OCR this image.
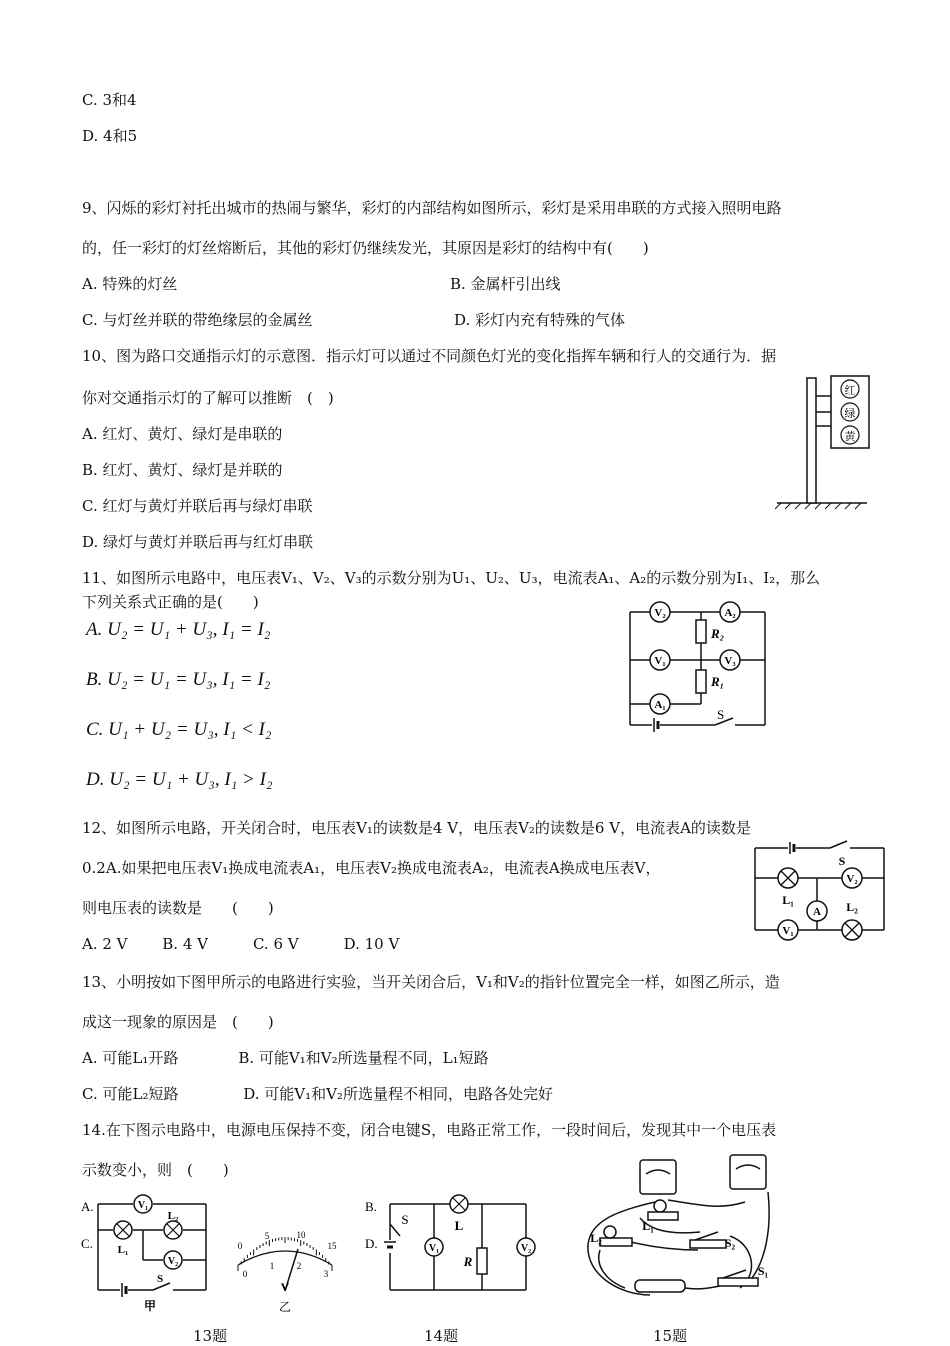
C. 3和4
D. 4和5
9、闪烁的彩灯衬托出城市的热闹与繁华，彩灯的内部结构如图所示，彩灯是采用串联的方式接入照明电路
的，任一彩灯的灯丝熔断后，其他的彩灯仍继续发光，其原因是彩灯的结构中有(　　)
A. 特殊的灯丝	B. 金属杆引出线
C. 与灯丝并联的带绝缘层的金属丝	D. 彩灯内充有特殊的气体
10、图为路口交通指示灯的示意图．指示灯可以通过不同颜色灯光的变化指挥车辆和行人的交通行为．据
你对交通指示灯的了解可以推断　(　)
A. 红灯、黄灯、绿灯是串联的
B. 红灯、黄灯、绿灯是并联的
C. 红灯与黄灯并联后再与绿灯串联
D. 绿灯与黄灯并联后再与红灯串联
红
绿
黄
11、如图所示电路中，电压表V₁、V₂、V₃的示数分别为U₁、U₂、U₃，电流表A₁、A₂的示数分别为I₁、I₂，那么
下列关系式正确的是(　　)
A. U₂ = U₁ + U₃, I₁ = I₂
B. U₂ = U₁ = U₃, I₁ = I₂
C. U₁ + U₂ = U₃, I₁ < I₂
D. U₂ = U₁ + U₃, I₁ > I₂
V₂	A₂
V₁	V₃
A₁
R₂
R₁
S
12、如图所示电路，开关闭合时，电压表V₁的读数是4 V，电压表V₂的读数是6 V，电流表A的读数是
0.2A.如果把电压表V₁换成电流表A₁，电压表V₂换成电流表A₂，电流表A换成电压表V，
则电压表的读数是　　(　　)
A. 2 V　　 B. 4 V　　　C. 6 V　　　D. 10 V
S
V₂
L₁
A L₂
V₁
13、小明按如下图甲所示的电路进行实验，当开关闭合后，V₁和V₂的指针位置完全一样，如图乙所示，造
成这一现象的原因是　(　　)
A. 可能L₁开路　　　　B. 可能V₁和V₂所选量程不同，L₁短路
C. 可能L₂短路　　　　 D. 可能V₁和V₂所选量程不相同，电路各处完好
14.在下图示电路中，电源电压保持不变，闭合电键S，电路正常工作，一段时间后，发现其中一个电压表
示数变小，则　(　　)
A.
C.
V₁
L₂
L₁
V₂
S
甲
0
5	10
15
0
1	2
3
V
乙
B.
D.
S	L
V₁	V₂
R
L₁
L₂	S₂
S₁
13题	14题	15题
